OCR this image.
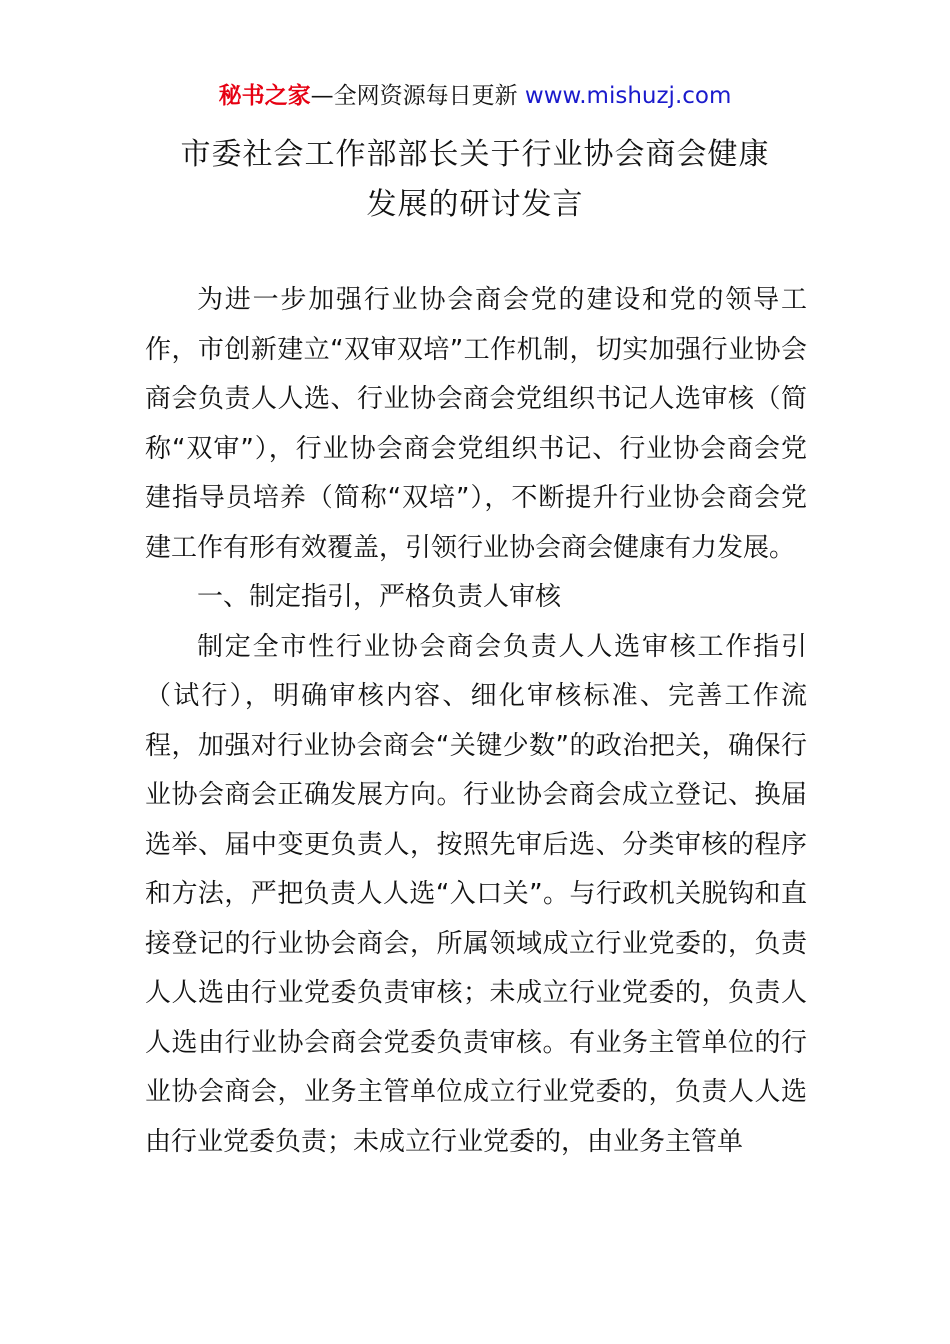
秘书之家—全网资源每日更新 www.mishuzj.com
市委社会工作部部长关于行业协会商会健康
发展的研讨发言

为进一步加强行业协会商会党的建设和党的领导工作，市创新建立“双审双培”工作机制，切实加强行业协会商会负责人人选、行业协会商会党组织书记人选审核（简称“双审”），行业协会商会党组织书记、行业协会商会党建指导员培养（简称“双培”），不断提升行业协会商会党建工作有形有效覆盖，引领行业协会商会健康有力发展。

一、制定指引，严格负责人审核

制定全市性行业协会商会负责人人选审核工作指引（试行），明确审核内容、细化审核标准、完善工作流程，加强对行业协会商会“关键少数”的政治把关，确保行业协会商会正确发展方向。行业协会商会成立登记、换届选举、届中变更负责人，按照先审后选、分类审核的程序和方法，严把负责人人选“入口关”。与行政机关脱钩和直接登记的行业协会商会，所属领域成立行业党委的，负责人人选由行业党委负责审核；未成立行业党委的，负责人人选由行业协会商会党委负责审核。有业务主管单位的行业协会商会，业务主管单位成立行业党委的，负责人人选由行业党委负责；未成立行业党委的，由业务主管单
